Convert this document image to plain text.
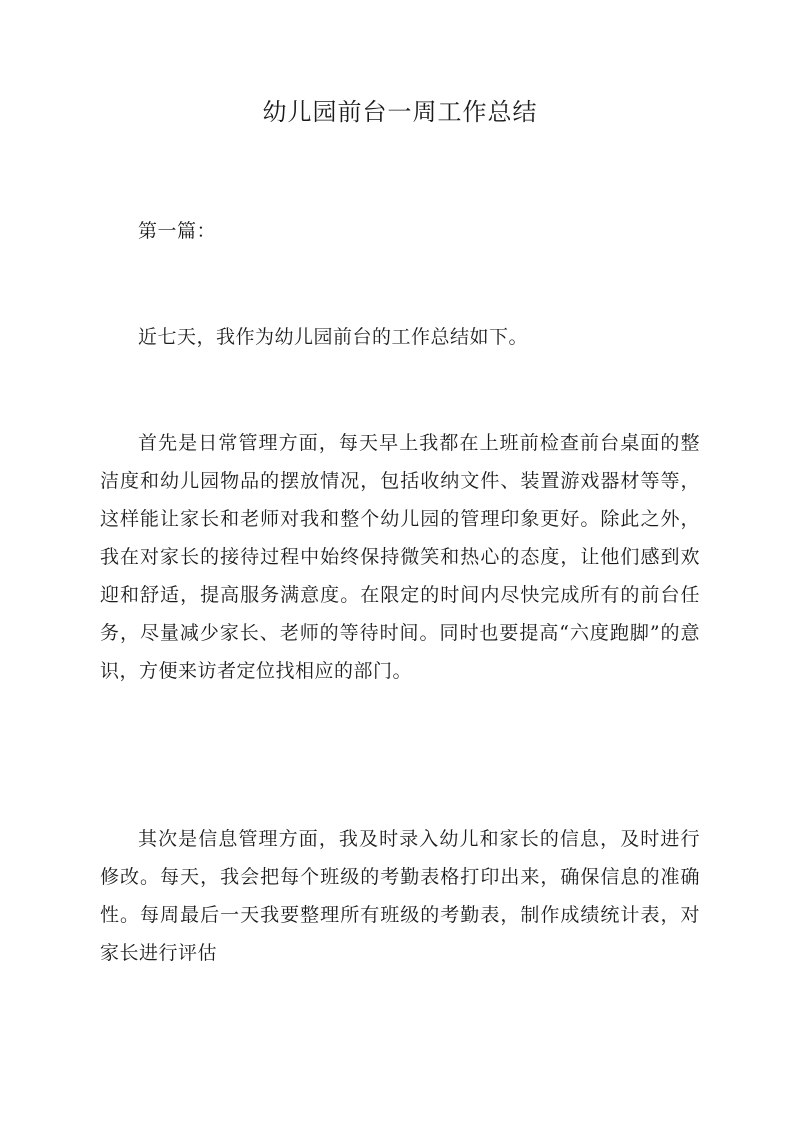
幼儿园前台一周工作总结

第一篇：

近七天，我作为幼儿园前台的工作总结如下。

首先是日常管理方面，每天早上我都在上班前检查前台桌面的整洁度和幼儿园物品的摆放情况，包括收纳文件、装置游戏器材等等，这样能让家长和老师对我和整个幼儿园的管理印象更好。除此之外，我在对家长的接待过程中始终保持微笑和热心的态度，让他们感到欢迎和舒适，提高服务满意度。在限定的时间内尽快完成所有的前台任务，尽量减少家长、老师的等待时间。同时也要提高“六度跑脚”的意识，方便来访者定位找相应的部门。

其次是信息管理方面，我及时录入幼儿和家长的信息，及时进行修改。每天，我会把每个班级的考勤表格打印出来，确保信息的准确性。每周最后一天我要整理所有班级的考勤表，制作成绩统计表，对家长进行评估
